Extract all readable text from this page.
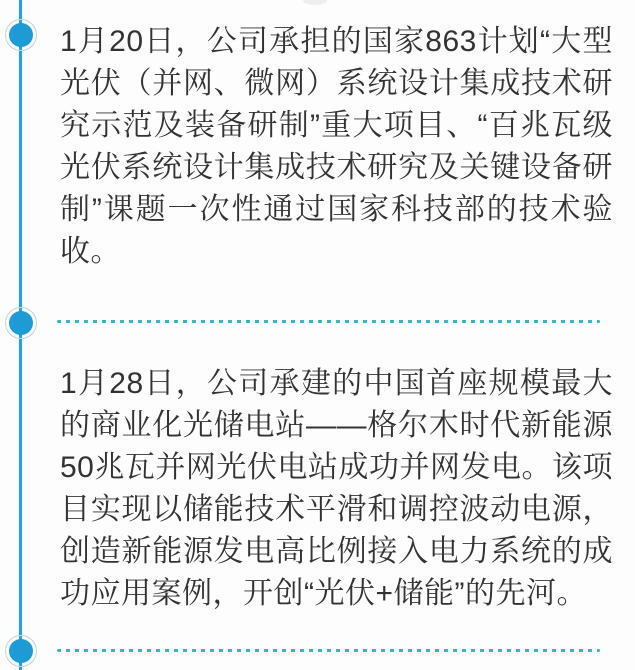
1月20日，公司承担的国家863计划“大型光伏（并网、微网）系统设计集成技术研究示范及装备研制”重大项目、“百兆瓦级光伏系统设计集成技术研究及关键设备研制”课题一次性通过国家科技部的技术验收。

1月28日，公司承建的中国首座规模最大的商业化光储电站——格尔木时代新能源50兆瓦并网光伏电站成功并网发电。该项目实现以储能技术平滑和调控波动电源，创造新能源发电高比例接入电力系统的成功应用案例，开创“光伏+储能”的先河。
